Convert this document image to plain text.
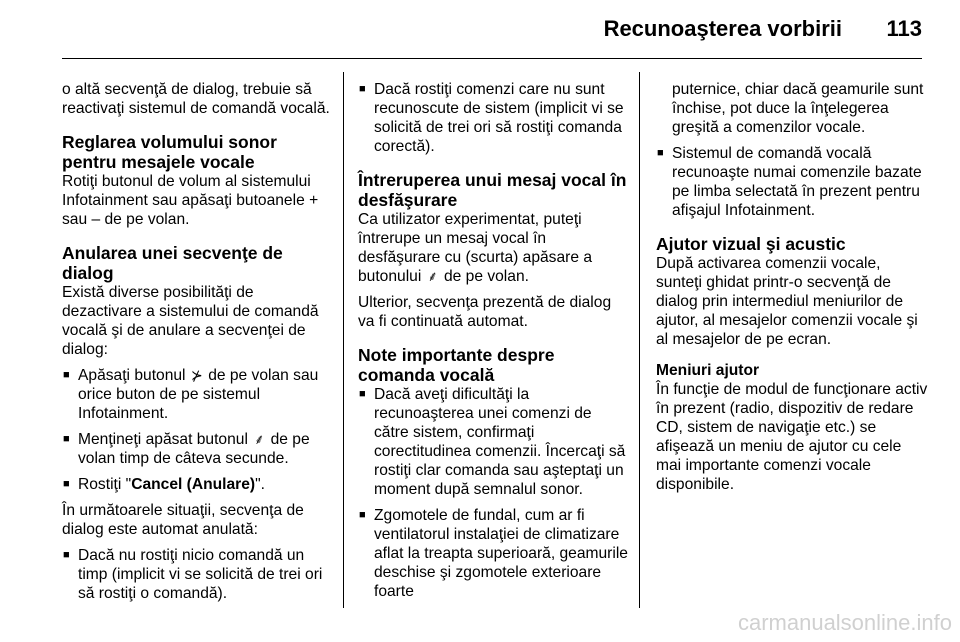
Recunoaşterea vorbirii 113

o altă secvenţă de dialog, trebuie să reactivaţi sistemul de comandă vocală.

Reglarea volumului sonor pentru mesajele vocale

Rotiţi butonul de volum al sistemului Infotainment sau apăsaţi butoanele + sau – de pe volan.

Anularea unei secvenţe de dialog

Există diverse posibilităţi de dezactivare a sistemului de comandă vocală şi de anulare a secvenţei de dialog:

■ Apăsaţi butonul ⊁ de pe volan sau orice buton de pe sistemul Infotainment.
■ Menţineţi apăsat butonul ⸙ de pe volan timp de câteva secunde.
■ Rostiţi "Cancel (Anulare)".

În următoarele situaţii, secvenţa de dialog este automat anulată:

■ Dacă nu rostiţi nicio comandă un timp (implicit vi se solicită de trei ori să rostiţi o comandă).
■ Dacă rostiţi comenzi care nu sunt recunoscute de sistem (implicit vi se solicită de trei ori să rostiţi comanda corectă).
Întreruperea unui mesaj vocal în desfăşurare

Ca utilizator experimentat, puteţi întrerupe un mesaj vocal în desfăşurare cu (scurta) apăsare a butonului ⸙ de pe volan.

Ulterior, secvenţa prezentă de dialog va fi continuată automat.

Note importante despre comanda vocală
■ Dacă aveţi dificultăţi la recunoaşterea unei comenzi de către sistem, confirmaţi corectitudinea comenzii. Încercaţi să rostiţi clar comanda sau aşteptaţi un moment după semnalul sonor.
■ Zgomotele de fundal, cum ar fi ventilatorul instalaţiei de climatizare aflat la treapta superioară, geamurile deschise şi zgomotele exterioare foarte

puternice, chiar dacă geamurile sunt închise, pot duce la înţelegerea greşită a comenzilor vocale.

■ Sistemul de comandă vocală recunoaşte numai comenzile bazate pe limba selectată în prezent pentru afişajul Infotainment.
Ajutor vizual şi acustic

După activarea comenzii vocale, sunteţi ghidat printr-o secvenţă de dialog prin intermediul meniurilor de ajutor, al mesajelor comenzii vocale şi al mesajelor de pe ecran.

Meniuri ajutor

În funcţie de modul de funcţionare activ în prezent (radio, dispozitiv de redare CD, sistem de navigaţie etc.) se afişează un meniu de ajutor cu cele mai importante comenzi vocale disponibile.

carmanualsonline.info
